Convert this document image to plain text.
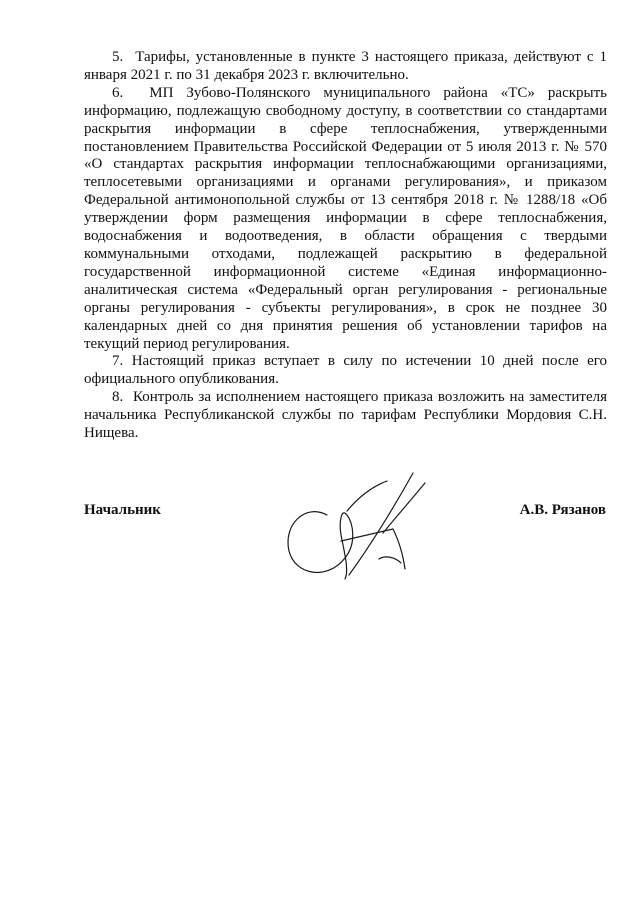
5. Тарифы, установленные в пункте 3 настоящего приказа, действуют с 1 января 2021 г. по 31 декабря 2023 г. включительно.

6. МП Зубово-Полянского муниципального района «ТС» раскрыть информацию, подлежащую свободному доступу, в соответствии со стандартами раскрытия информации в сфере теплоснабжения, утвержденными постановлением Правительства Российской Федерации от 5 июля 2013 г. № 570 «О стандартах раскрытия информации теплоснабжающими организациями, теплосетевыми организациями и органами регулирования», и приказом Федеральной антимонопольной службы от 13 сентября 2018 г. № 1288/18 «Об утверждении форм размещения информации в сфере теплоснабжения, водоснабжения и водоотведения, в области обращения с твердыми коммунальными отходами, подлежащей раскрытию в федеральной государственной информационной системе «Единая информационно-аналитическая система «Федеральный орган регулирования - региональные органы регулирования - субъекты регулирования», в срок не позднее 30 календарных дней со дня принятия решения об установлении тарифов на текущий период регулирования.

7. Настоящий приказ вступает в силу по истечении 10 дней после его официального опубликования.

8. Контроль за исполнением настоящего приказа возложить на заместителя начальника Республиканской службы по тарифам Республики Мордовия С.Н. Нищева.

Начальник	А.В. Рязанов
